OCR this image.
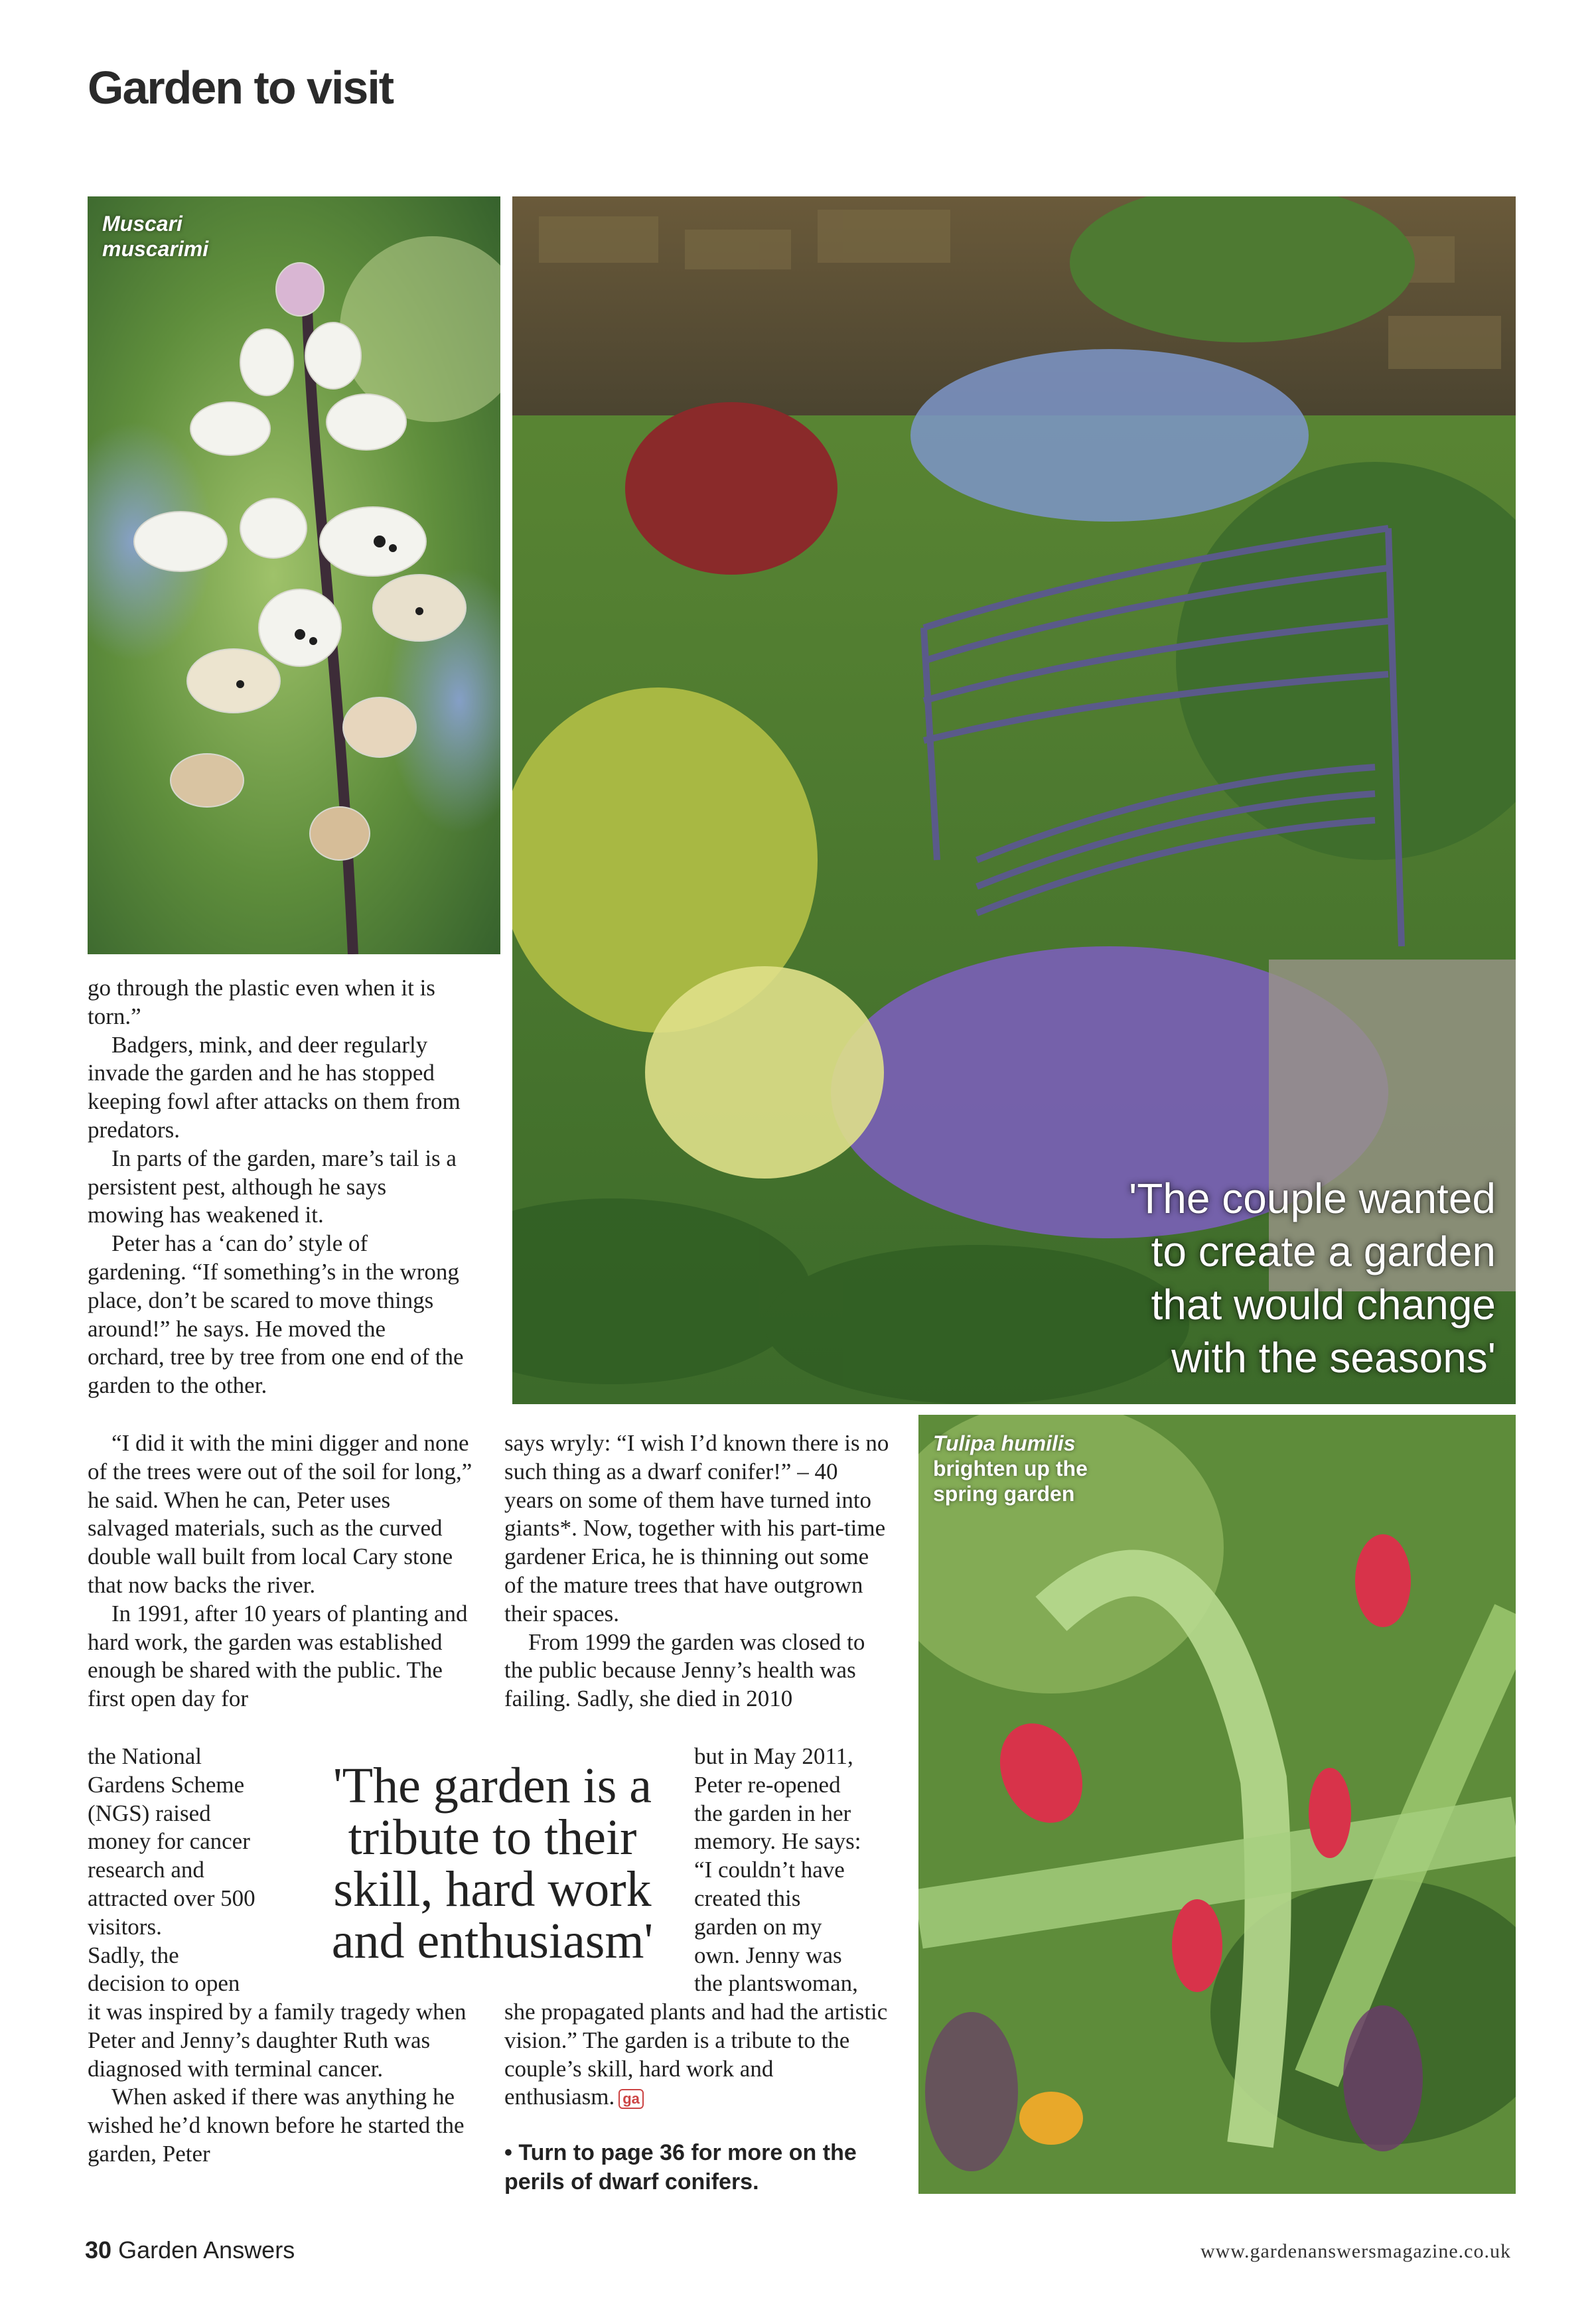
Garden to visit
Muscari
muscarimi
'The couple wanted
to create a garden
that would change
with the seasons'
Tulipa humilis
brighten up the
spring garden

go through the plastic even when it is torn.”

Badgers, mink, and deer regularly invade the garden and he has stopped keeping fowl after attacks on them from predators.

In parts of the garden, mare’s tail is a persistent pest, although he says mowing has weakened it.

Peter has a ‘can do’ style of gardening. “If something’s in the wrong place, don’t be scared to move things around!” he says. He moved the orchard, tree by tree from one end of the garden to the other.

“I did it with the mini digger and none of the trees were out of the soil for long,” he said. When he can, Peter uses salvaged materials, such as the curved double wall built from local Cary stone that now backs the river.

In 1991, after 10 years of planting and hard work, the garden was established enough be shared with the public. The first open day for

the National
Gardens Scheme
(NGS) raised
money for cancer
research and
attracted over 500
visitors.
Sadly, the
decision to open

it was inspired by a family tragedy when Peter and Jenny’s daughter Ruth was diagnosed with terminal cancer.

When asked if there was anything he wished he’d known before he started the garden, Peter

says wryly: “I wish I’d known there is no such thing as a dwarf conifer!” – 40 years on some of them have turned into giants*. Now, together with his part-time gardener Erica, he is thinning out some of the mature trees that have outgrown their spaces.

From 1999 the garden was closed to the public because Jenny’s health was failing. Sadly, she died in 2010

but in May 2011,
Peter re-opened
the garden in her
memory. He says:
“I couldn’t have
created this
garden on my
own. Jenny was
the plantswoman,
she propagated plants and had the artistic vision.” The garden is a tribute to the couple’s skill, hard work and enthusiasm. ga
'The garden is a
tribute to their
skill, hard work
and enthusiasm'
• Turn to page 36 for more on the
perils of dwarf conifers.
30 Garden Answers	www.gardenanswersmagazine.co.uk
